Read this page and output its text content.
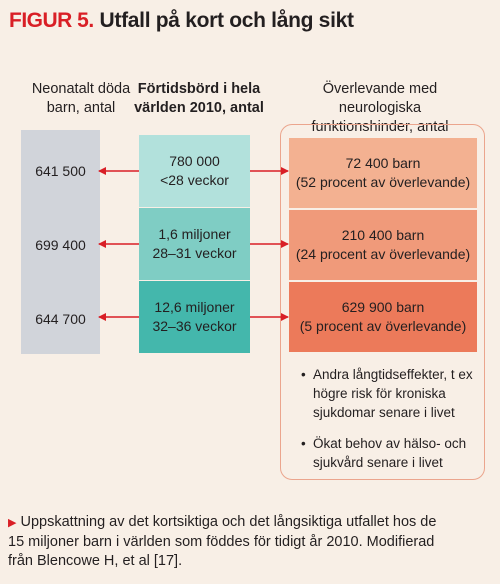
FIGUR 5. Utfall på kort och lång sikt
Neonatalt döda
barn, antal
Förtidsbörd i hela
världen 2010, antal
Överlevande med neurologiska
funktionshinder, antal
641 500
699 400
644 700
780 000
<28 veckor
1,6 miljoner
28–31 veckor
12,6 miljoner
32–36 veckor
72 400 barn
(52 procent av överlevande)
210 400 barn
(24 procent av överlevande)
629 900 barn
(5 procent av överlevande)
• Andra långtidseffekter, t ex
högre risk för kroniska
sjukdomar senare i livet
• Ökat behov av hälso- och
sjukvård senare i livet
▶ Uppskattning av det kortsiktiga och det långsiktiga utfallet hos de
15 miljoner barn i världen som föddes för tidigt år 2010. Modifierad
från Blencowe H, et al [17].
